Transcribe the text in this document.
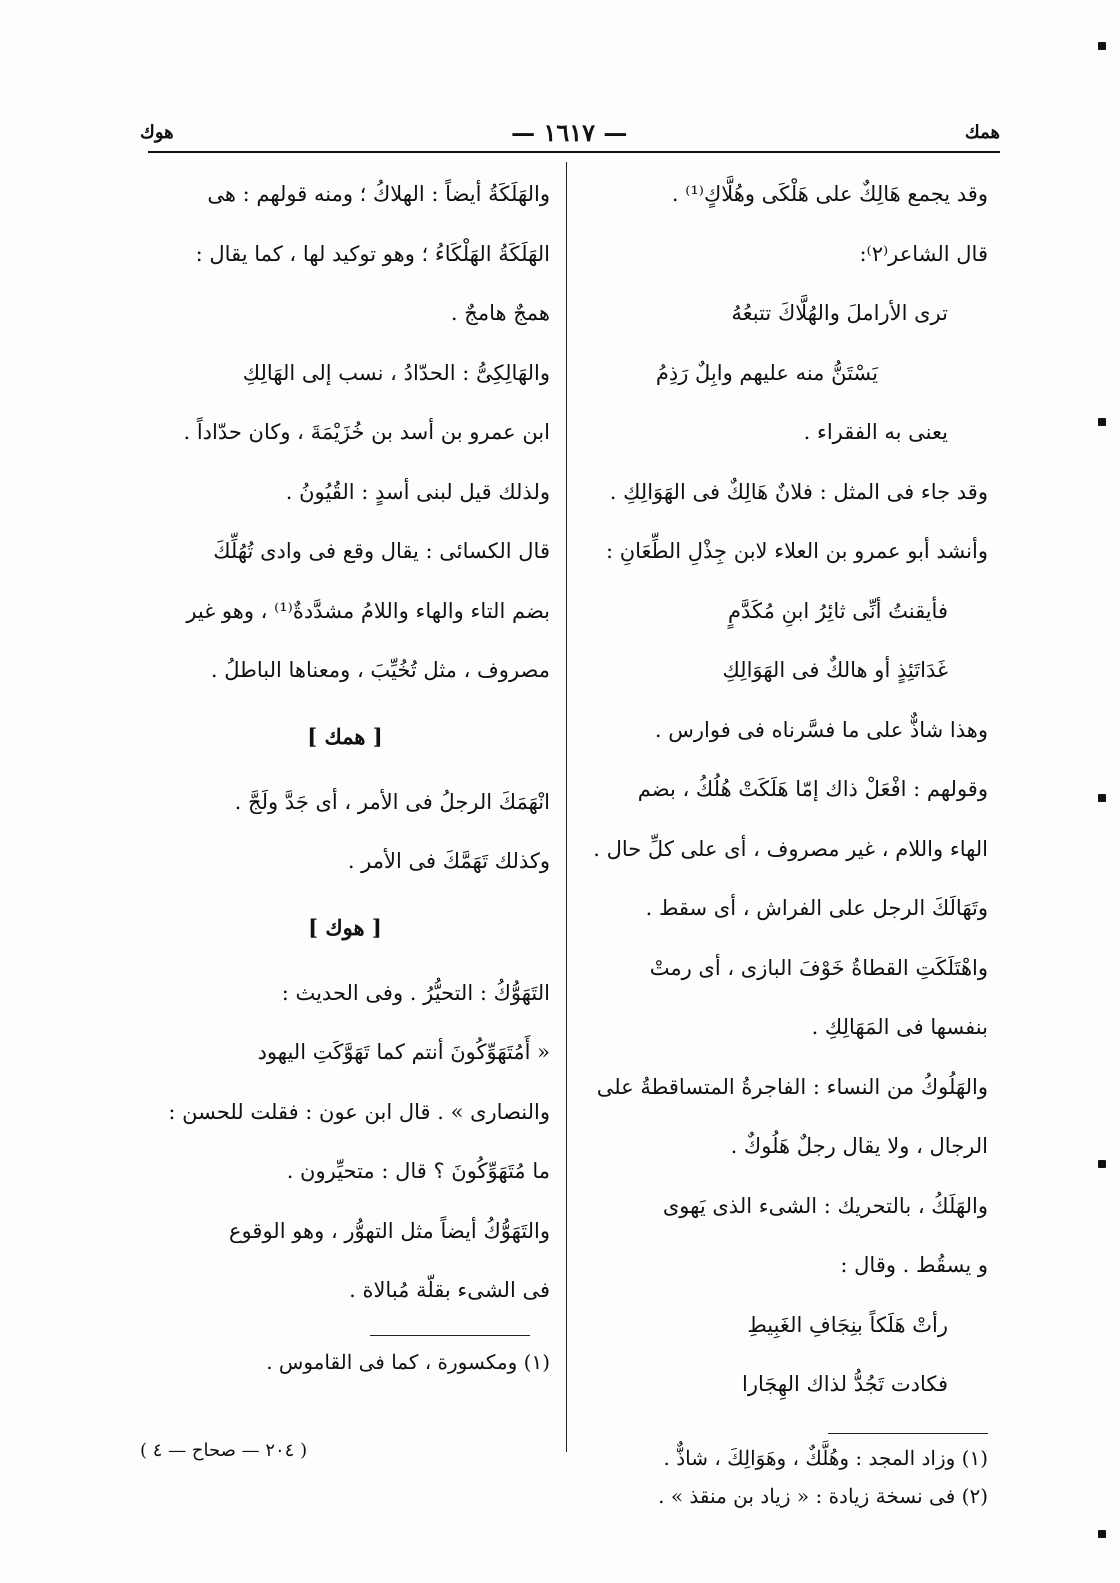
همك
— ١٦١٧ —
هوك
وقد يجمع هَالِكٌ على هَلْكَى وهُلَّاكٍ⁽¹⁾ .
قال الشاعر⁽٢⁾:
ترى الأراملَ والهُلَّاكَ تتبعُهُ
يَسْتَنُّ منه عليهم وابِلٌ رَذِمُ
يعنى به الفقراء .
وقد جاء فى المثل : فلانٌ هَالِكٌ فى الهَوَالِكِ .
وأنشد أبو عمرو بن العلاء لابن جِذْلِ الطِّعَانِ :
فأيقنتُ أنِّى ثائِرُ ابنِ مُكَدَّمٍ
غَدَاتَئِذٍ أو هالكٌ فى الهَوَالِكِ
وهذا شاذٌّ على ما فسَّرناه فى فوارس .
وقولهم : افْعَلْ ذاك إمّا هَلَكَتْ هُلُكُ ، بضم
الهاء واللام ، غير مصروف ، أى على كلِّ حال .
وتَهَالَكَ الرجل على الفراش ، أى سقط .
واهْتَلَكَتِ القطاةُ خَوْفَ البازى ، أى رمتْ
بنفسها فى المَهَالِكِ .
والهَلُوكُ من النساء : الفاجرةُ المتساقطةُ على
الرجال ، ولا يقال رجلٌ هَلُوكٌ .
والهَلَكُ ، بالتحريك : الشىء الذى يَهوى
و يسقُط . وقال :
رأتْ هَلَكاً بنِجَافِ الغَبِيطِ
فكادت تَجُدُّ لذاك الهِجَارا
(١) وزاد المجد : وهُلَّكٌ ، وهَوَالِكَ ، شاذٌّ .
(٢) فى نسخة زيادة : « زياد بن منقذ » .
والهَلَكَةُ أيضاً : الهلاكُ ؛ ومنه قولهم : هى
الهَلَكَةُ الهَلْكَاءُ ؛ وهو توكيد لها ، كما يقال :
همجٌ هامجٌ .
والهَالِكِىُّ : الحدّادُ ، نسب إلى الهَالِكِ
ابن عمرو بن أسد بن خُزَيْمَةَ ، وكان حدّاداً .
ولذلك قيل لبنى أسدٍ : القُيُونُ .
قال الكسائى : يقال وقع فى وادى تُهُلِّكَ
بضم التاء والهاء واللامُ مشدَّدةٌ⁽¹⁾ ، وهو غير
مصروف ، مثل تُخُيِّبَ ، ومعناها الباطلُ .
[ همك ]
انْهَمَكَ الرجلُ فى الأمر ، أى جَدَّ ولَجَّ .
وكذلك تَهَمَّكَ فى الأمر .
[ هوك ]
التَهَوُّكُ : التحيُّرُ . وفى الحديث :
« أَمُتَهَوِّكُونَ أنتم كما تَهَوَّكَتِ اليهود
والنصارى » . قال ابن عون : فقلت للحسن :
ما مُتَهَوِّكُونَ ؟ قال : متحيِّرون .
والتَهَوُّكُ أيضاً مثل التهوُّر ، وهو الوقوع
فى الشىء بقلّة مُبالاة .
(١) ومكسورة ، كما فى القاموس .
( ٢٠٤ — صحاح — ٤ )
